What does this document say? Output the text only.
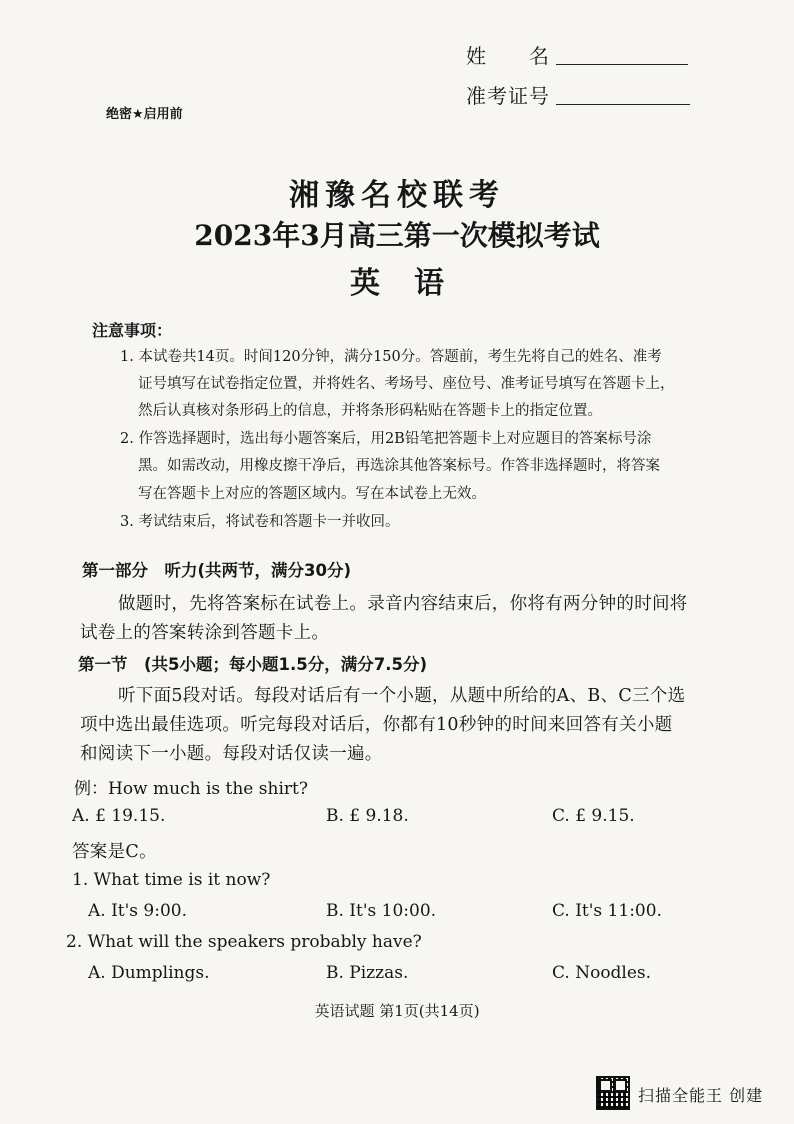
姓　　名
准考证号
绝密★启用前
湘豫名校联考
2023年3月高三第一次模拟考试
英语
注意事项：
1. 本试卷共14页。时间120分钟，满分150分。答题前，考生先将自己的姓名、准考
证号填写在试卷指定位置，并将姓名、考场号、座位号、准考证号填写在答题卡上，
然后认真核对条形码上的信息，并将条形码粘贴在答题卡上的指定位置。
2. 作答选择题时，选出每小题答案后，用2B铅笔把答题卡上对应题目的答案标号涂
黑。如需改动，用橡皮擦干净后，再选涂其他答案标号。作答非选择题时，将答案
写在答题卡上对应的答题区域内。写在本试卷上无效。
3. 考试结束后，将试卷和答题卡一并收回。
第一部分　听力(共两节，满分30分)
做题时，先将答案标在试卷上。录音内容结束后，你将有两分钟的时间将
试卷上的答案转涂到答题卡上。
第一节　(共5小题；每小题1.5分，满分7.5分)
听下面5段对话。每段对话后有一个小题，从题中所给的A、B、C三个选
项中选出最佳选项。听完每段对话后，你都有10秒钟的时间来回答有关小题
和阅读下一小题。每段对话仅读一遍。
例：How much is the shirt?
A. £ 19.15.	B. £ 9.18.	C. £ 9.15.
答案是C。
1. What time is it now?
A. It's 9:00.	B. It's 10:00.	C. It's 11:00.
2. What will the speakers probably have?
A. Dumplings.	B. Pizzas.	C. Noodles.
英语试题 第1页(共14页)
扫描全能王 创建
